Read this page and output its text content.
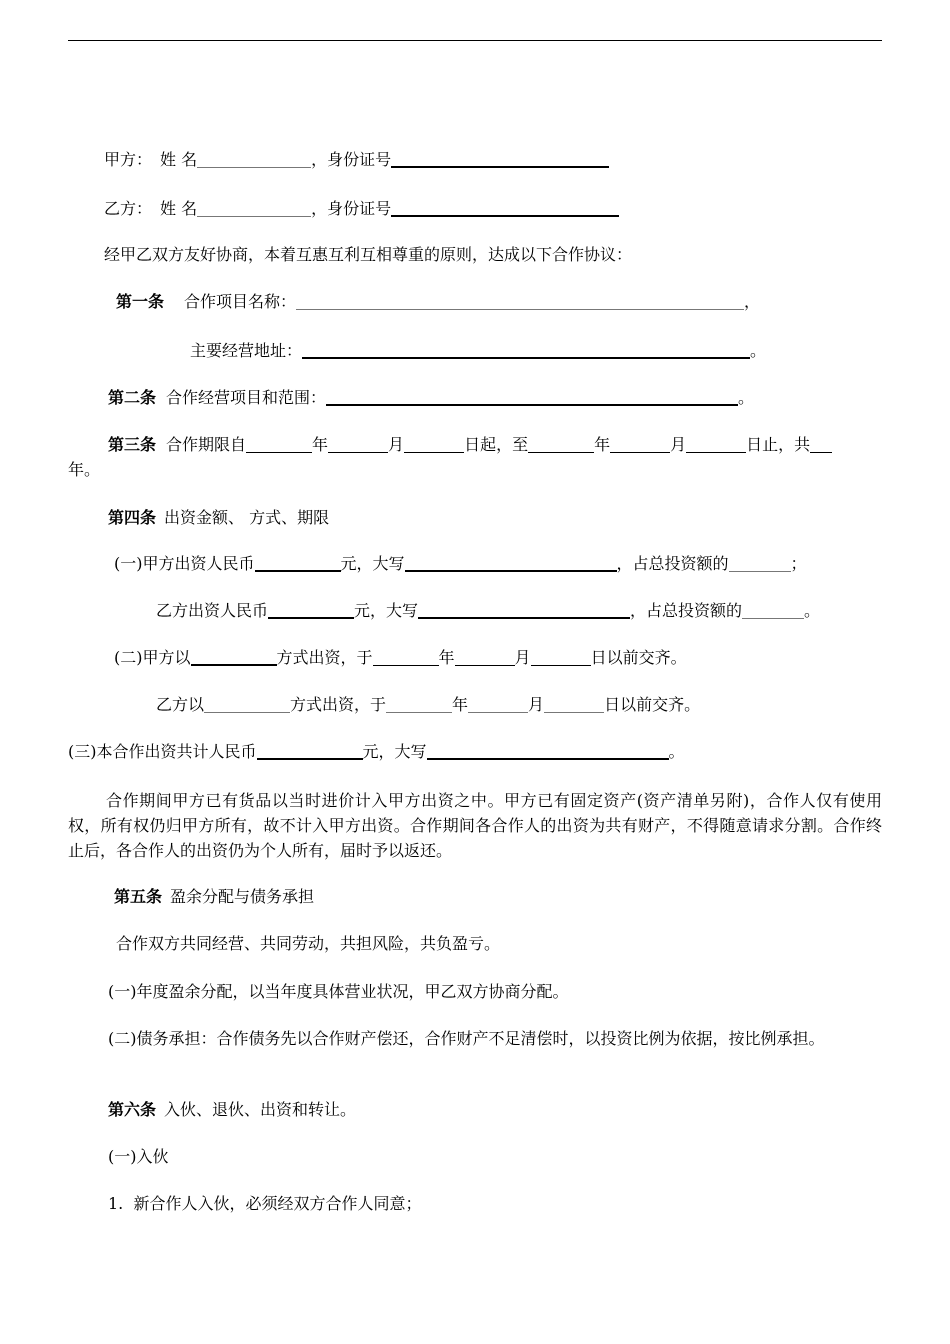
甲方： 姓 名	，身份证号
乙方： 姓 名	，身份证号
经甲乙双方友好协商，本着互惠互利互相尊重的原则，达成以下合作协议：
第一条 合作项目名称：	，
主要经营地址：	。
第二条 合作经营项目和范围：	。
第三条 合作期限自	年	月	日起，至	年	月	日止，共
年。
第四条 出资金额、 方式、期限
(一)甲方出资人民币	元，大写	，占总投资额的	；
乙方出资人民币	元，大写	，占总投资额的	。
(二)甲方以	方式出资，于	年	月	日以前交齐。
乙方以	方式出资，于	年	月	日以前交齐。
(三)本合作出资共计人民币	元，大写	。
合作期间甲方已有货品以当时进价计入甲方出资之中。甲方已有固定资产(资产清单另附)，合作人仅有使用权，所有权仍归甲方所有，故不计入甲方出资。合作期间各合作人的出资为共有财产，不得随意请求分割。合作终止后，各合作人的出资仍为个人所有，届时予以返还。
第五条 盈余分配与债务承担
合作双方共同经营、共同劳动，共担风险，共负盈亏。
(一)年度盈余分配，以当年度具体营业状况，甲乙双方协商分配。
(二)债务承担：合作债务先以合作财产偿还，合作财产不足清偿时，以投资比例为依据，按比例承担。
第六条 入伙、退伙、出资和转让。
(一)入伙
1.  新合作人入伙，必须经双方合作人同意；
